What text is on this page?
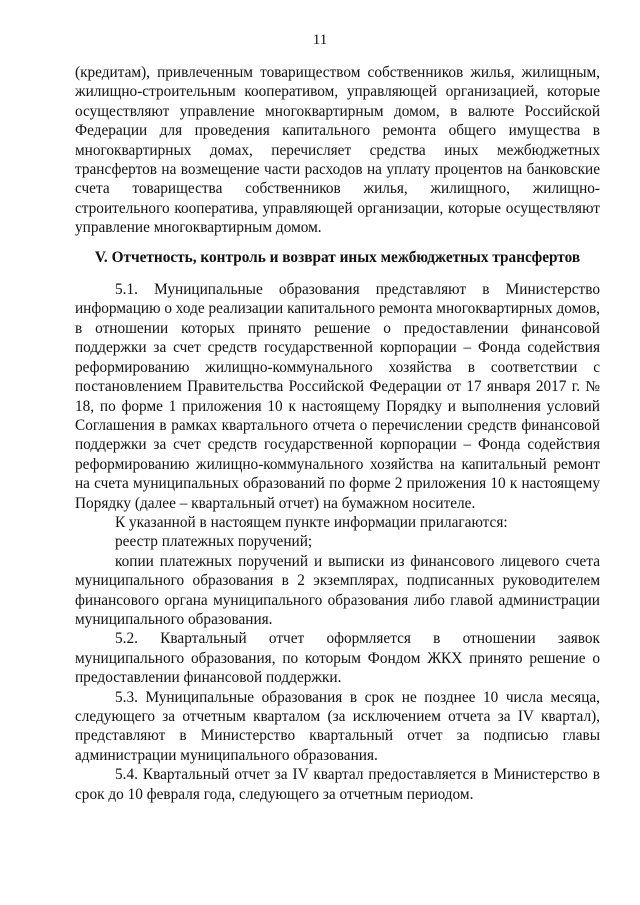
11

(кредитам), привлеченным товариществом собственников жилья, жилищным, жилищно-строительным кооперативом, управляющей организацией, которые осуществляют управление многоквартирным домом, в валюте Российской Федерации для проведения капитального ремонта общего имущества в многоквартирных домах, перечисляет средства иных межбюджетных трансфертов на возмещение части расходов на уплату процентов на банковские счета товарищества собственников жилья, жилищного, жилищно-строительного кооператива, управляющей организации, которые осуществляют управление многоквартирным домом.

V. Отчетность, контроль и возврат иных межбюджетных трансфертов

5.1. Муниципальные образования представляют в Министерство информацию о ходе реализации капитального ремонта многоквартирных домов, в отношении которых принято решение о предоставлении финансовой поддержки за счет средств государственной корпорации – Фонда содействия реформированию жилищно-коммунального хозяйства в соответствии с постановлением Правительства Российской Федерации от 17 января 2017 г. № 18, по форме 1 приложения 10 к настоящему Порядку и выполнения условий Соглашения в рамках квартального отчета о перечислении средств финансовой поддержки за счет средств государственной корпорации – Фонда содействия реформированию жилищно-коммунального хозяйства на капитальный ремонт на счета муниципальных образований по форме 2 приложения 10 к настоящему Порядку (далее – квартальный отчет) на бумажном носителе.

К указанной в настоящем пункте информации прилагаются:

реестр платежных поручений;

копии платежных поручений и выписки из финансового лицевого счета муниципального образования в 2 экземплярах, подписанных руководителем финансового органа муниципального образования либо главой администрации муниципального образования.

5.2. Квартальный отчет оформляется в отношении заявок муниципального образования, по которым Фондом ЖКХ принято решение о предоставлении финансовой поддержки.

5.3. Муниципальные образования в срок не позднее 10 числа месяца, следующего за отчетным кварталом (за исключением отчета за IV квартал), представляют в Министерство квартальный отчет за подписью главы администрации муниципального образования.

5.4. Квартальный отчет за IV квартал предоставляется в Министерство в срок до 10 февраля года, следующего за отчетным периодом.
